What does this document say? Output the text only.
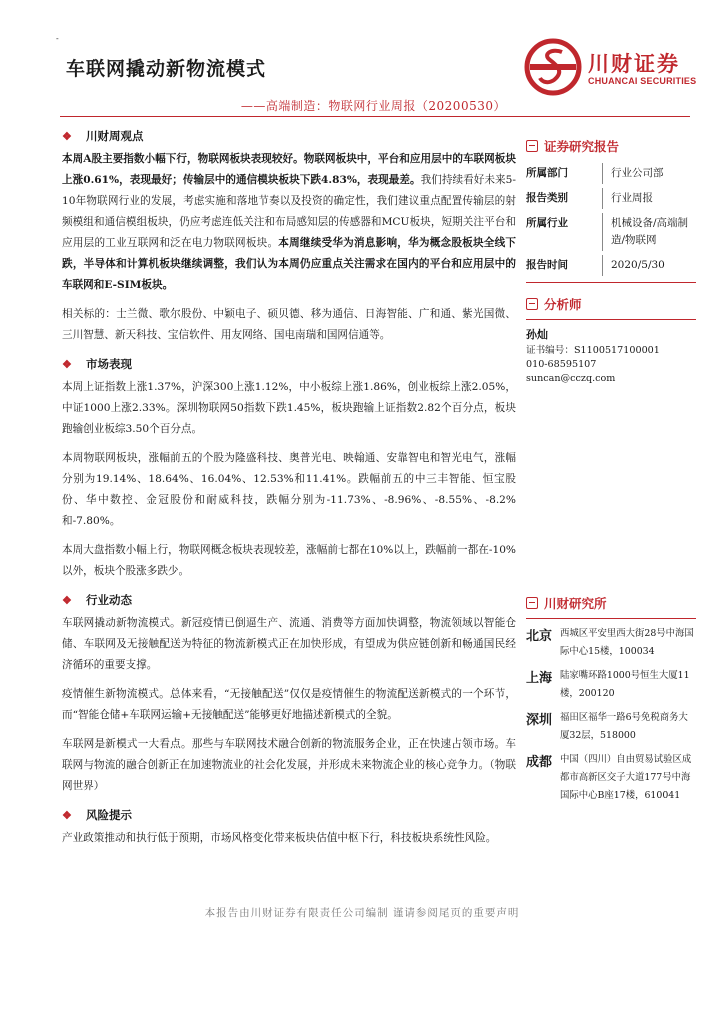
-
车联网撬动新物流模式
——高端制造：物联网行业周报（20200530）
川财证券
CHUANCAI SECURITIES
❖	川财周观点

本周A股主要指数小幅下行，物联网板块表现较好。物联网板块中，平台和应用层中的车联网板块上涨0.61%，表现最好；传输层中的通信模块板块下跌4.83%，表现最差。我们持续看好未来5-10年物联网行业的发展，考虑实施和落地节奏以及投资的确定性，我们建议重点配置传输层的射频模组和通信模组板块，仍应考虑连低关注和布局感知层的传感器和MCU板块，短期关注平台和应用层的工业互联网和泛在电力物联网板块。本周继续受华为消息影响，华为概念股板块全线下跌，半导体和计算机板块继续调整，我们认为本周仍应重点关注需求在国内的平台和应用层中的车联网和E-SIM板块。

相关标的：士兰微、歌尔股份、中颖电子、硕贝德、移为通信、日海智能、广和通、紫光国微、三川智慧、新天科技、宝信软件、用友网络、国电南瑞和国网信通等。

❖	市场表现

本周上证指数上涨1.37%，沪深300上涨1.12%，中小板综上涨1.86%，创业板综上涨2.05%，中证1000上涨2.33%。深圳物联网50指数下跌1.45%，板块跑输上证指数2.82个百分点，板块跑输创业板综3.50个百分点。

本周物联网板块，涨幅前五的个股为隆盛科技、奥普光电、映翰通、安靠智电和智光电气，涨幅分别为19.14%、18.64%、16.04%、12.53%和11.41%。跌幅前五的中三丰智能、恒宝股份、华中数控、金冠股份和耐威科技，跌幅分别为-11.73%、-8.96%、-8.55%、-8.2%和-7.80%。

本周大盘指数小幅上行，物联网概念板块表现较差，涨幅前七都在10%以上，跌幅前一都在-10%以外，板块个股涨多跌少。

❖	行业动态

车联网撬动新物流模式。新冠疫情已倒逼生产、流通、消费等方面加快调整，物流领域以智能仓储、车联网及无接触配送为特征的物流新模式正在加快形成，有望成为供应链创新和畅通国民经济循环的重要支撑。

疫情催生新物流模式。总体来看，“无接触配送”仅仅是疫情催生的物流配送新模式的一个环节，而“智能仓储+车联网运输+无接触配送”能够更好地描述新模式的全貌。

车联网是新模式一大看点。那些与车联网技术融合创新的物流服务企业，正在快速占领市场。车联网与物流的融合创新正在加速物流业的社会化发展，并形成未来物流企业的核心竞争力。（物联网世界）

❖	风险提示

产业政策推动和执行低于预期，市场风格变化带来板块估值中枢下行，科技板块系统性风险。

证券研究报告
所属部门	行业公司部
报告类别	行业周报
所属行业	机械设备/高端制造/物联网
报告时间	2020/5/30
分析师
孙灿
证书编号：S1100517100001
010-68595107
suncan@cczq.com
川财研究所
北京 西城区平安里西大街28号中海国际中心15楼，100034
上海 陆家嘴环路1000号恒生大厦11楼，200120
深圳 福田区福华一路6号免税商务大厦32层，518000
成都 中国（四川）自由贸易试验区成都市高新区交子大道177号中海国际中心B座17楼，610041
本报告由川财证券有限责任公司编制 谨请参阅尾页的重要声明
